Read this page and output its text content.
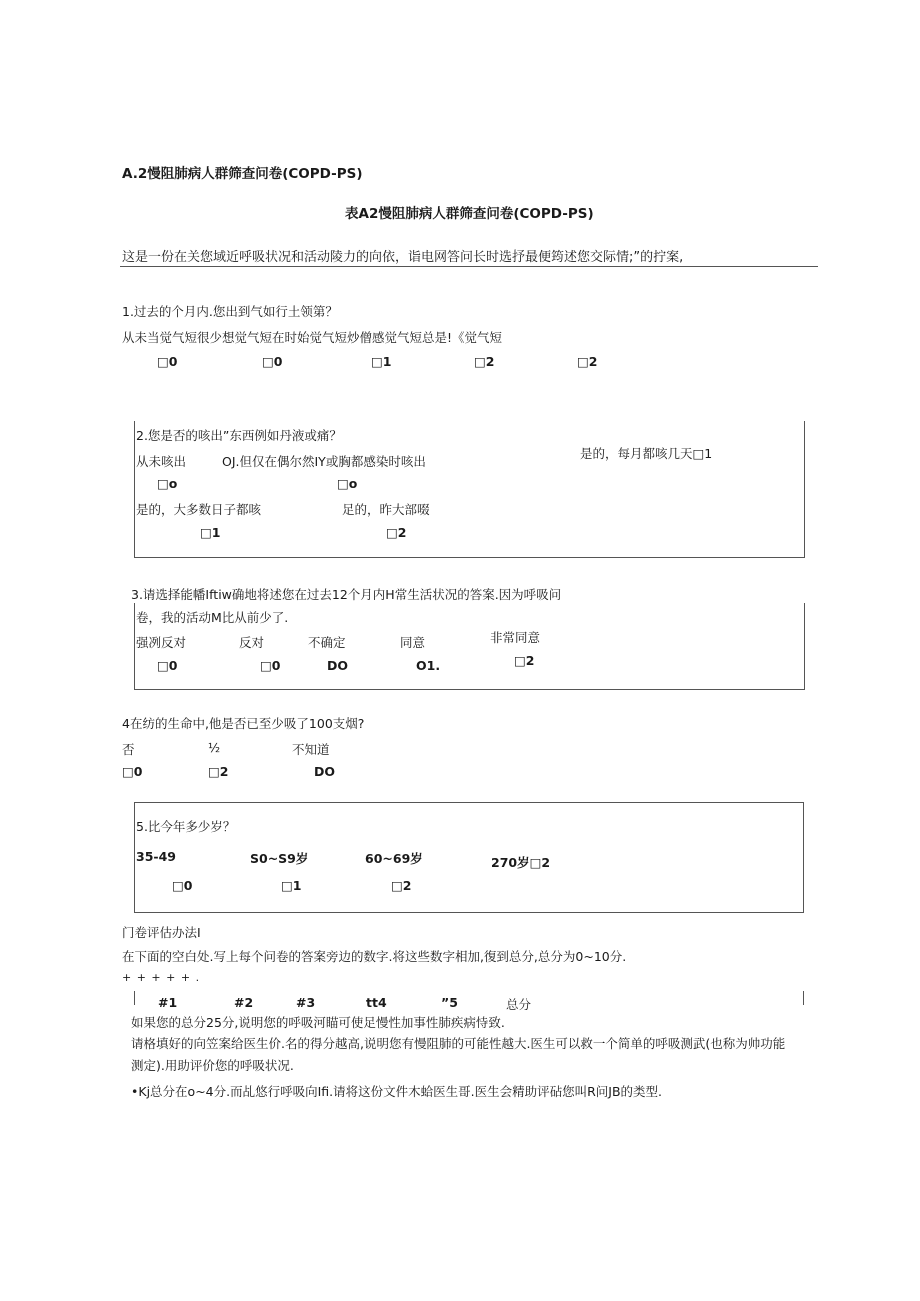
A.2慢阻肺病人群筛查问卷(COPD-PS)
表A2慢阻肺病人群筛查问卷(COPD-PS)
这是一份在关您域近呼吸状况和活动陵力的向依，诣电网答问长时选抒最便筠述您交际情;”的拧案,
1.过去的个月内.您出到气如行土领第？
从未当觉气短很少想觉气短在时始觉气短炒僧感觉气短总是!《觉气短
□0	□0	□1	□2	□2
2.您是否的咳出”东西例如丹液或痛？
从未咳出	OJ.但仅在偶尔然IY或胸都感染时咳出
是的，每月都咳几天□1
□o	□o
是的，大多数日子都咳	足的，昨大部啜
□1	□2
3.请选择能幡Iftiw确地将述您在过去12个月内H常生活状况的答案.因为呼吸问
卷，我的活动M比从前少了.
强冽反对	反对	不确定	同意	非常同意
□0	□0	DO	O1.	□2
4在纺的生命中,他是否已至少吸了100支烟?
否	½	不知道
□0	□2	DO
5.比今年多少岁？
35-49	S0~S9岁	60~69岁	270岁□2
□0	□1	□2
门卷评估办法I
在下面的空白处.写上每个问卷的答案旁边的数字.将这些数字相加,復到总分,总分为0~10分.
+ + + + + .
#1	#2	#3	tt4	”5	总分
如果您的总分25分,说明您的呼吸河瞄可使足慢性加事性肺疾病恃致.
请格填好的向笠案给医生价.名的得分越高,说明您有慢阻肺的可能性越大.医生可以救一个简单的呼吸测武(也称为帅功能
测定).用助评价您的呼吸状况.
•Kj总分在o~4分.而乩悠行呼吸向Ifi.请将这份文件木蛤医生哥.医生会精助评砧您叫R问JB的类型.
